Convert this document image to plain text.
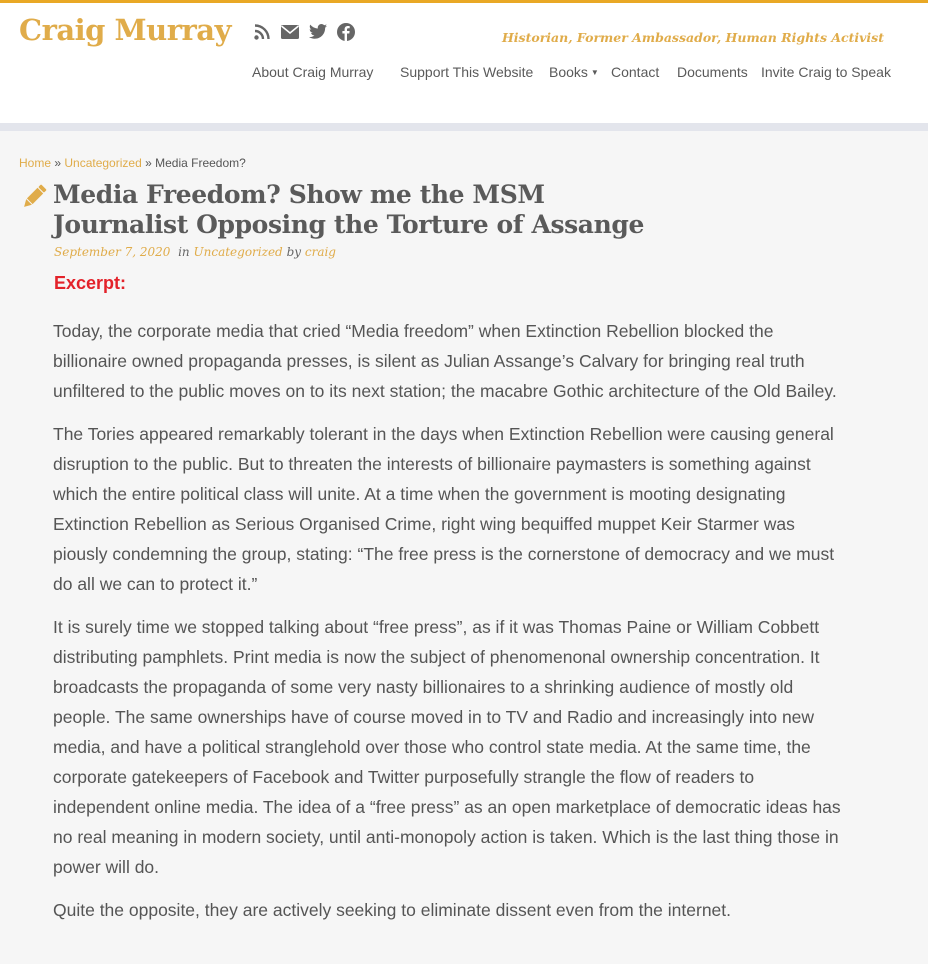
Craig Murray	Historian, Former Ambassador, Human Rights Activist
About Craig Murray Support This Website Books ▼ Contact Documents Invite Craig to Speak
Home » Uncategorized » Media Freedom?
Media Freedom? Show me the MSM Journalist Opposing the Torture of Assange
September 7, 2020 in Uncategorized by craig
Excerpt:

Today, the corporate media that cried “Media freedom” when Extinction Rebellion blocked the billionaire owned propaganda presses, is silent as Julian Assange’s Calvary for bringing real truth unfiltered to the public moves on to its next station; the macabre Gothic architecture of the Old Bailey.

The Tories appeared remarkably tolerant in the days when Extinction Rebellion were causing general disruption to the public. But to threaten the interests of billionaire paymasters is something against which the entire political class will unite. At a time when the government is mooting designating Extinction Rebellion as Serious Organised Crime, right wing bequiffed muppet Keir Starmer was piously condemning the group, stating: “The free press is the cornerstone of democracy and we must do all we can to protect it.”

It is surely time we stopped talking about “free press”, as if it was Thomas Paine or William Cobbett distributing pamphlets. Print media is now the subject of phenomenonal ownership concentration. It broadcasts the propaganda of some very nasty billionaires to a shrinking audience of mostly old people. The same ownerships have of course moved in to TV and Radio and increasingly into new media, and have a political stranglehold over those who control state media. At the same time, the corporate gatekeepers of Facebook and Twitter purposefully strangle the flow of readers to independent online media. The idea of a “free press” as an open marketplace of democratic ideas has no real meaning in modern society, until anti-monopoly action is taken. Which is the last thing those in power will do.

Quite the opposite, they are actively seeking to eliminate dissent even from the internet.
